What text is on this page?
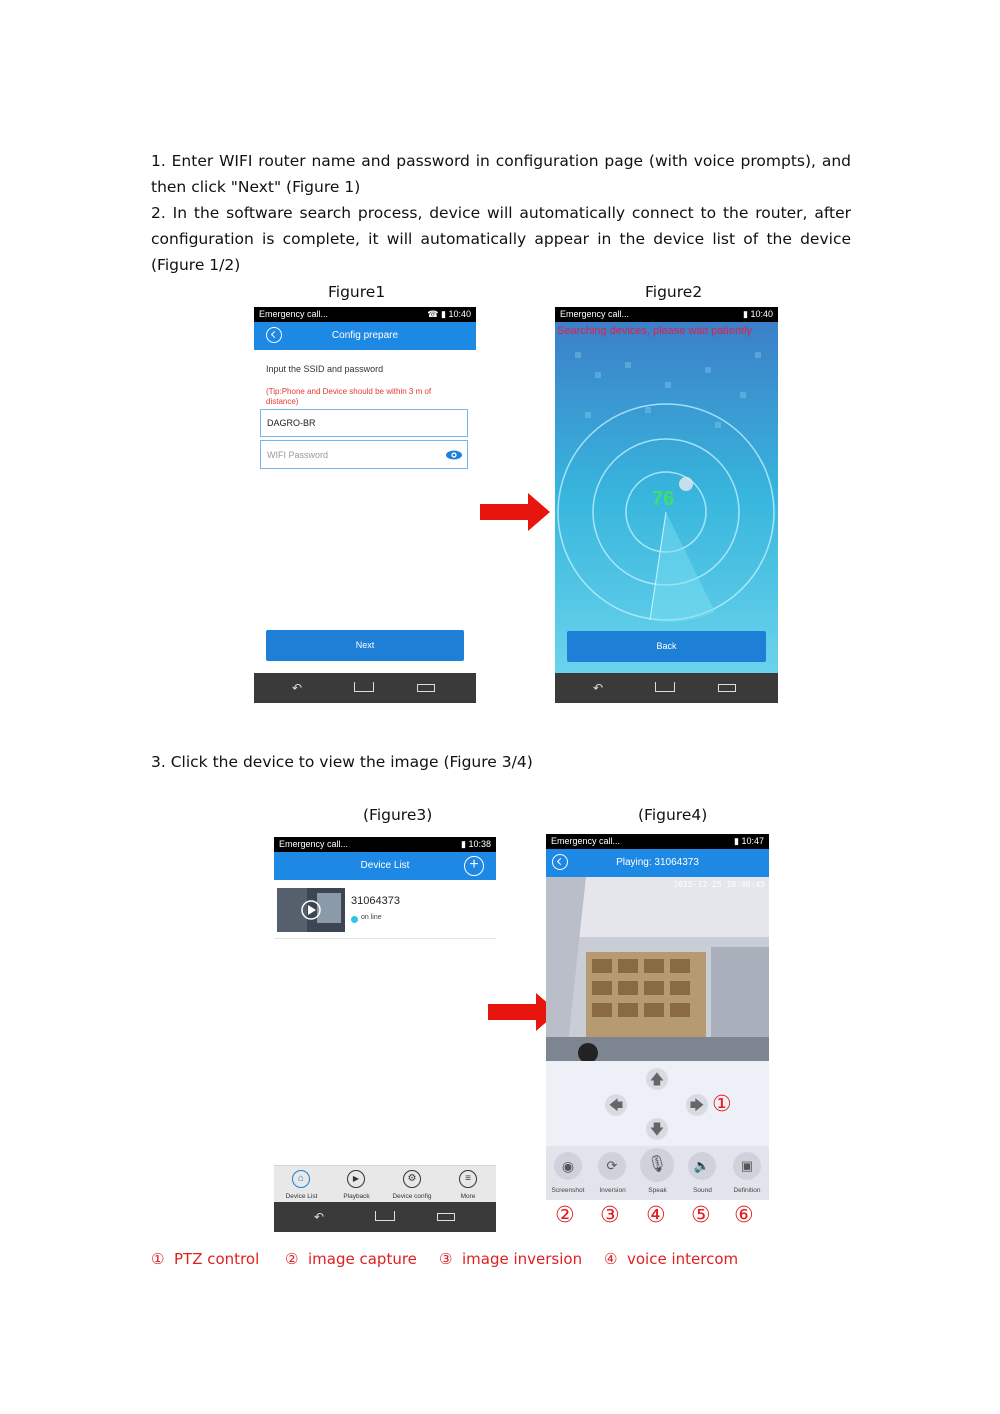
1. Enter WIFI router name and password in configuration page (with voice prompts), and then click "Next" (Figure 1)
2. In the software search process, device will automatically connect to the router, after configuration is complete, it will automatically appear in the device list of the device (Figure 1/2)
3. Click the device to view the image (Figure 3/4)
Figure1	Figure2
(Figure3)	(Figure4)
Emergency call...	☎​ ▮ 10:40
Config prepare
Input the SSID and password
(Tip:Phone and Device should be within 3 m of distance)
DAGRO-BR
WIFI Password
Next
↶
Emergency call...	▮ 10:40
Searching devices, please wait patiently
76
Back
↶
Emergency call...	▮ 10:38
Device List	+
31064373
on line
⌂
Device List
▶
Playback
⚙
Device config
≡
More
↶
Emergency call...	▮ 10:47
Playing: 31064373
2015-12-25 10:46:45
🡅
🡄	🡆
🡇
◉
Screenshot
⟳
Inversion
🎙
Speak
🔈
Sound
▣
Definition
①
② ③ ④ ⑤ ⑥
① PTZ control ② image capture ③ image inversion ④ voice intercom
